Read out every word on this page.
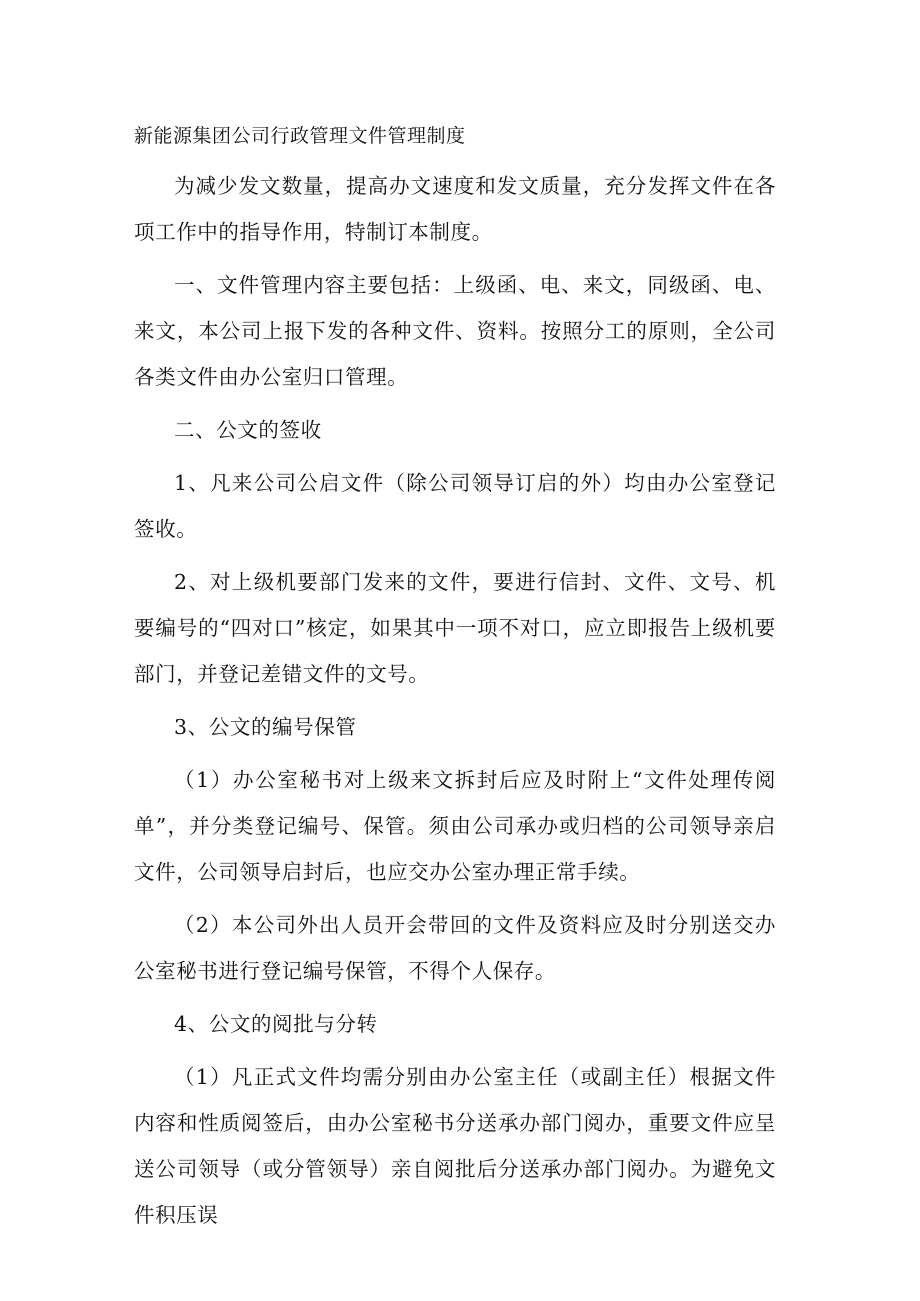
新能源集团公司行政管理文件管理制度

为减少发文数量，提高办文速度和发文质量，充分发挥文件在各项工作中的指导作用，特制订本制度。

一、文件管理内容主要包括：上级函、电、来文，同级函、电、来文，本公司上报下发的各种文件、资料。按照分工的原则，全公司各类文件由办公室归口管理。

二、公文的签收

1、凡来公司公启文件（除公司领导订启的外）均由办公室登记签收。

2、对上级机要部门发来的文件，要进行信封、文件、文号、机要编号的“四对口”核定，如果其中一项不对口，应立即报告上级机要部门，并登记差错文件的文号。

3、公文的编号保管

（1）办公室秘书对上级来文拆封后应及时附上“文件处理传阅单”，并分类登记编号、保管。须由公司承办或归档的公司领导亲启文件，公司领导启封后，也应交办公室办理正常手续。

（2）本公司外出人员开会带回的文件及资料应及时分别送交办公室秘书进行登记编号保管，不得个人保存。

4、公文的阅批与分转

（1）凡正式文件均需分别由办公室主任（或副主任）根据文件内容和性质阅签后，由办公室秘书分送承办部门阅办，重要文件应呈送公司领导（或分管领导）亲自阅批后分送承办部门阅办。为避免文件积压误
